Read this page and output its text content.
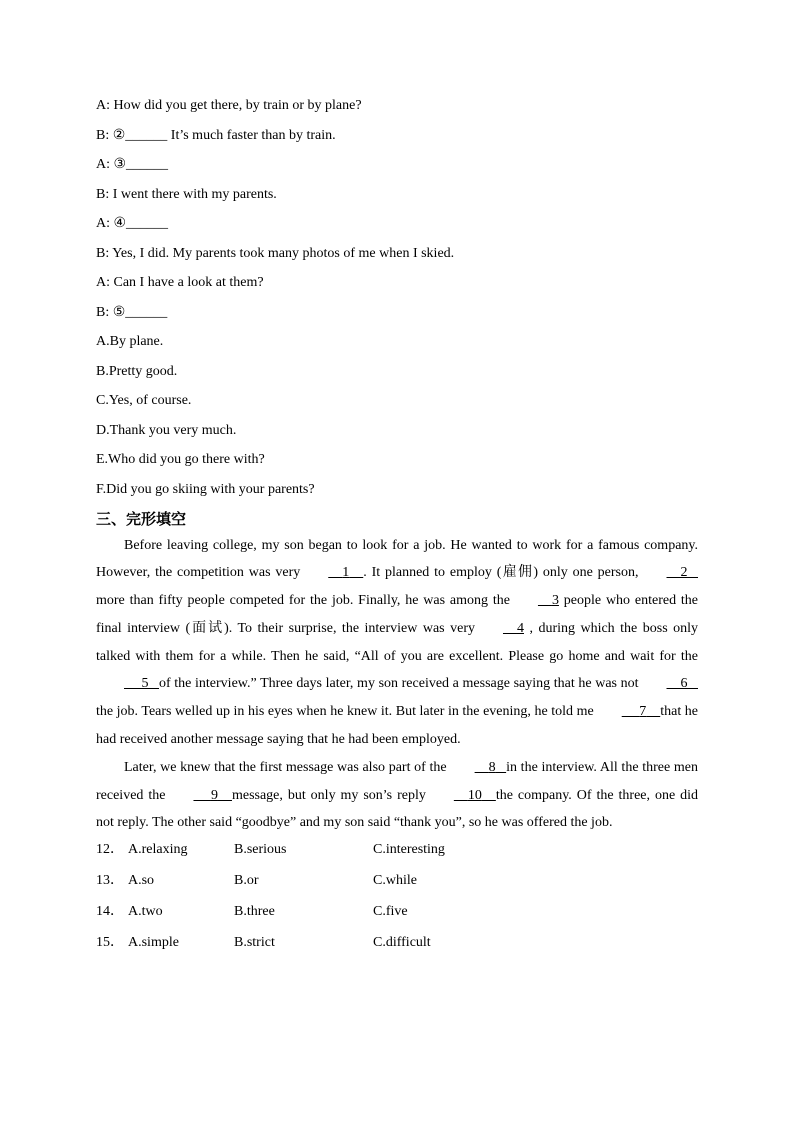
A: How did you get there, by train or by plane?

B: ②______ It’s much faster than by train.

A: ③______

B: I went there with my parents.

A: ④______

B: Yes, I did. My parents took many photos of me when I skied.

A: Can I have a look at them?

B: ⑤______

A.By plane.

B.Pretty good.

C.Yes, of course.

D.Thank you very much.

E.Who did you go there with?

F.Did you go skiing with your parents?

三、完形填空

Before leaving college, my son began to look for a job. He wanted to work for a famous company. However, the competition was very	1 . It planned to employ (雇佣) only one person,	2   more than fifty people competed for the job. Finally, he was among the	3 people who entered the final interview (面试). To their surprise, the interview was very	4 , during which the boss only talked with them for a while. Then he said, “All of you are excellent. Please go home and wait for the     5 of the interview.” Three days later, my son received a message saying that he was not	6   the job. Tears welled up in his eyes when he knew it. But later in the evening, he told me	7 that he had received another message saying that he had been employed.

Later, we knew that the first message was also part of the	8 in the interview. All the three men received the	9 message, but only my son’s reply	10 the company. Of the three, one did not reply. The other said “goodbye” and my son said “thank you”, so he was offered the job.

12． A.relaxing	B.serious	C.interesting
13． A.so	B.or	C.while
14． A.two	B.three	C.five
15． A.simple	B.strict	C.difficult
